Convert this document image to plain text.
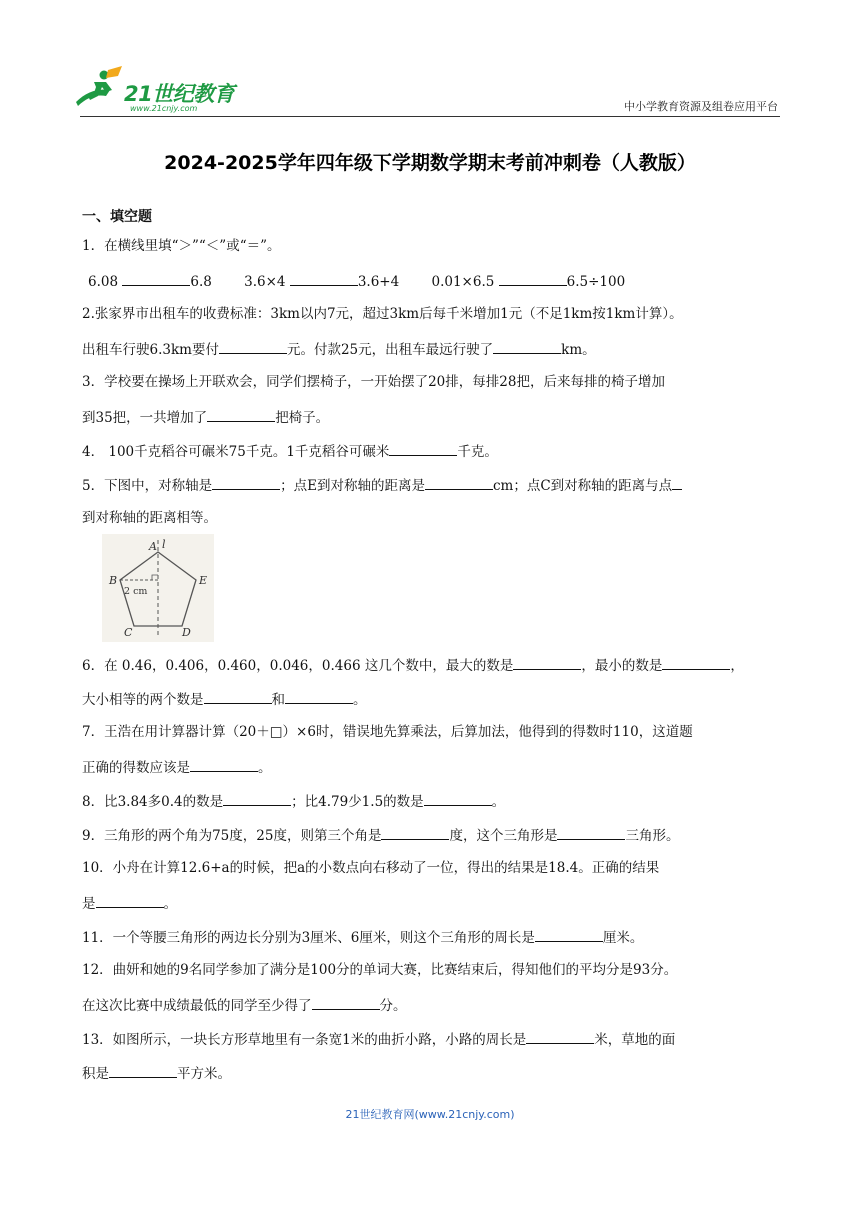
21世纪教育
www.21cnjy.com	中小学教育资源及组卷应用平台
2024-2025学年四年级下学期数学期末考前冲刺卷（人教版）
一、填空题
1．在横线里填“＞”“＜”或“＝”。
6.08	6.8 3.6×4	3.6+4 0.01×6.5	6.5÷100
2.张家界市出租车的收费标准：3km以内7元，超过3km后每千米增加1元（不足1km按1km计算）。
出租车行驶6.3km要付	元。付款25元，出租车最远行驶了	km。
3．学校要在操场上开联欢会，同学们摆椅子，一开始摆了20排，每排28把，后来每排的椅子增加
到35把，一共增加了	把椅子。
4． 100千克稻谷可碾米75千克。1千克稻谷可碾米	千克。
5．下图中，对称轴是	；点E到对称轴的距离是	cm；点C到对称轴的距离与点
到对称轴的距离相等。
A l
B	E
C	D
2 cm
6．在 0.46，0.406，0.460，0.046，0.466 这几个数中，最大的数是	，最小的数是	，
大小相等的两个数是	和	。
7．王浩在用计算器计算（20＋□）×6时，错误地先算乘法，后算加法，他得到的得数时110，这道题
正确的得数应该是	。
8．比3.84多0.4的数是	；比4.79少1.5的数是	。
9．三角形的两个角为75度，25度，则第三个角是	度，这个三角形是	三角形。
10．小舟在计算12.6+a的时候，把a的小数点向右移动了一位，得出的结果是18.4。正确的结果
是	。
11．一个等腰三角形的两边长分别为3厘米、6厘米，则这个三角形的周长是	厘米。
12．曲妍和她的9名同学参加了满分是100分的单词大赛，比赛结束后，得知他们的平均分是93分。
在这次比赛中成绩最低的同学至少得了	分。
13．如图所示，一块长方形草地里有一条宽1米的曲折小路，小路的周长是	米，草地的面
积是	平方米。
21世纪教育网(www.21cnjy.com)
